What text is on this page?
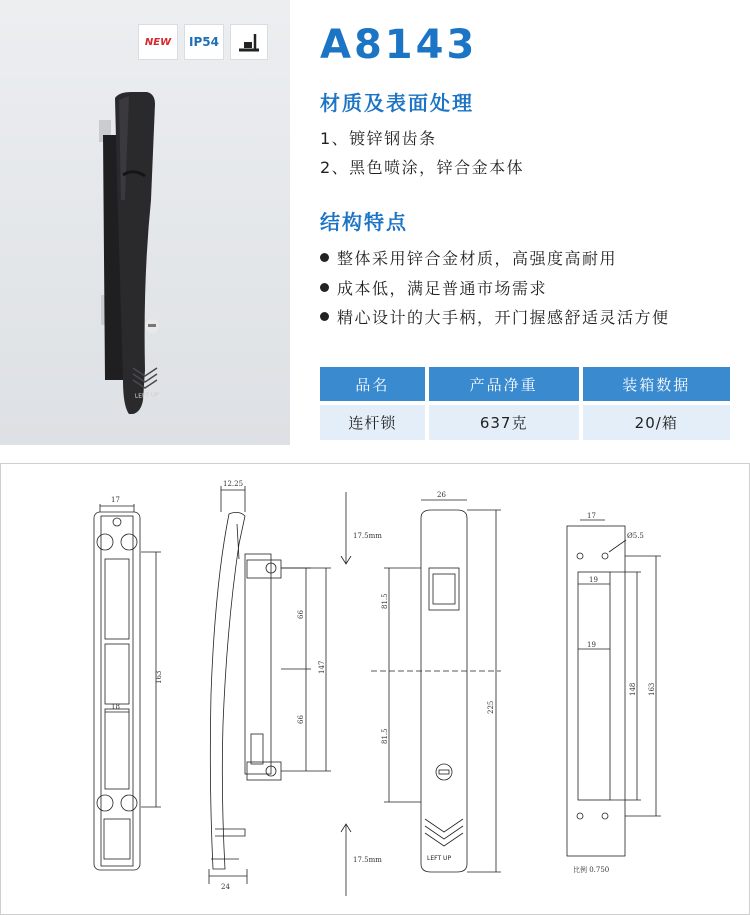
NEW	IP54
LEFT UP
A8143
材质及表面处理
1、镀锌钢齿条
2、黑色喷涂，锌合金本体
结构特点
整体采用锌合金材质，高强度高耐用
成本低，满足普通市场需求
精心设计的大手柄，开门握感舒适灵活方便
品名	产品净重	装箱数据
连杆锁	637克	20/箱
17
163
18
12.25
66
66
147
24
17.5mm
17.5mm	LEFT UP
26
81.5
81.5
225
17
Ø5.5
19
19
148 163
比例 0.750
